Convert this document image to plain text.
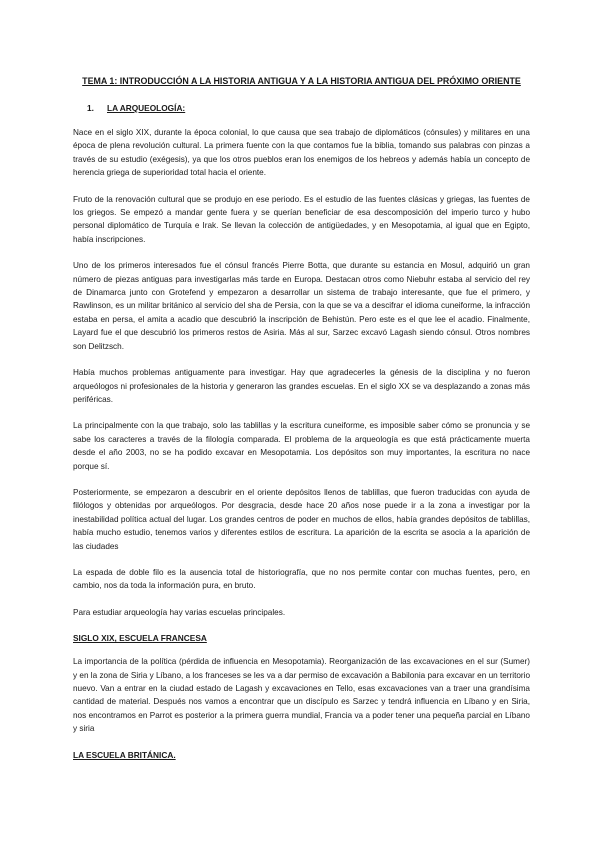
TEMA 1: INTRODUCCIÓN A LA HISTORIA ANTIGUA Y A LA HISTORIA ANTIGUA DEL PRÓXIMO ORIENTE
1. LA ARQUEOLOGÍA:

Nace en el siglo XIX, durante la época colonial, lo que causa que sea trabajo de diplomáticos (cónsules) y militares en una época de plena revolución cultural. La primera fuente con la que contamos fue la biblia, tomando sus palabras con pinzas a través de su estudio (exégesis), ya que los otros pueblos eran los enemigos de los hebreos y además había un concepto de herencia griega de superioridad total hacia el oriente.

Fruto de la renovación cultural que se produjo en ese periodo. Es el estudio de las fuentes clásicas y griegas, las fuentes de los griegos. Se empezó a mandar gente fuera y se querían beneficiar de esa descomposición del imperio turco y hubo personal diplomático de Turquía e Irak. Se llevan la colección de antigüedades, y en Mesopotamia, al igual que en Egipto, había inscripciones.

Uno de los primeros interesados fue el cónsul francés Pierre Botta, que durante su estancia en Mosul, adquirió un gran número de piezas antiguas para investigarlas más tarde en Europa. Destacan otros como Niebuhr estaba al servicio del rey de Dinamarca junto con Grotefend y empezaron a desarrollar un sistema de trabajo interesante, que fue el primero, y Rawlinson, es un militar británico al servicio del sha de Persia, con la que se va a descifrar el idioma cuneiforme, la infracción estaba en persa, el amita a acadio que descubrió la inscripción de Behistún. Pero este es el que lee el acadio. Finalmente, Layard fue el que descubrió los primeros restos de Asiria. Más al sur, Sarzec excavó Lagash siendo cónsul. Otros nombres son Delitzsch.

Había muchos problemas antiguamente para investigar. Hay que agradecerles la génesis de la disciplina y no fueron arqueólogos ni profesionales de la historia y generaron las grandes escuelas. En el siglo XX se va desplazando a zonas más periféricas.

La principalmente con la que trabajo, solo las tablillas y la escritura cuneiforme, es imposible saber cómo se pronuncia y se sabe los caracteres a través de la filología comparada. El problema de la arqueología es que está prácticamente muerta desde el año 2003, no se ha podido excavar en Mesopotamia. Los depósitos son muy importantes, la escritura no nace porque sí.

Posteriormente, se empezaron a descubrir en el oriente depósitos llenos de tablillas, que fueron traducidas con ayuda de filólogos y obtenidas por arqueólogos. Por desgracia, desde hace 20 años nose puede ir a la zona a investigar por la inestabilidad política actual del lugar. Los grandes centros de poder en muchos de ellos, había grandes depósitos de tablillas, había mucho estudio, tenemos varios y diferentes estilos de escritura. La aparición de la escrita se asocia a la aparición de las ciudades

La espada de doble filo es la ausencia total de historiografía, que no nos permite contar con muchas fuentes, pero, en cambio, nos da toda la información pura, en bruto.

Para estudiar arqueología hay varias escuelas principales.

SIGLO XIX, ESCUELA FRANCESA

La importancia de la política (pérdida de influencia en Mesopotamia). Reorganización de las excavaciones en el sur (Sumer) y en la zona de Siria y Líbano, a los franceses se les va a dar permiso de excavación a Babilonia para excavar en un territorio nuevo. Van a entrar en la ciudad estado de Lagash y excavaciones en Tello, esas excavaciones van a traer una grandísima cantidad de material. Después nos vamos a encontrar que un discípulo es Sarzec y tendrá influencia en Líbano y en Siria, nos encontramos en Parrot es posterior a la primera guerra mundial, Francia va a poder tener una pequeña parcial en Líbano y siria

LA ESCUELA BRITÁNICA.
